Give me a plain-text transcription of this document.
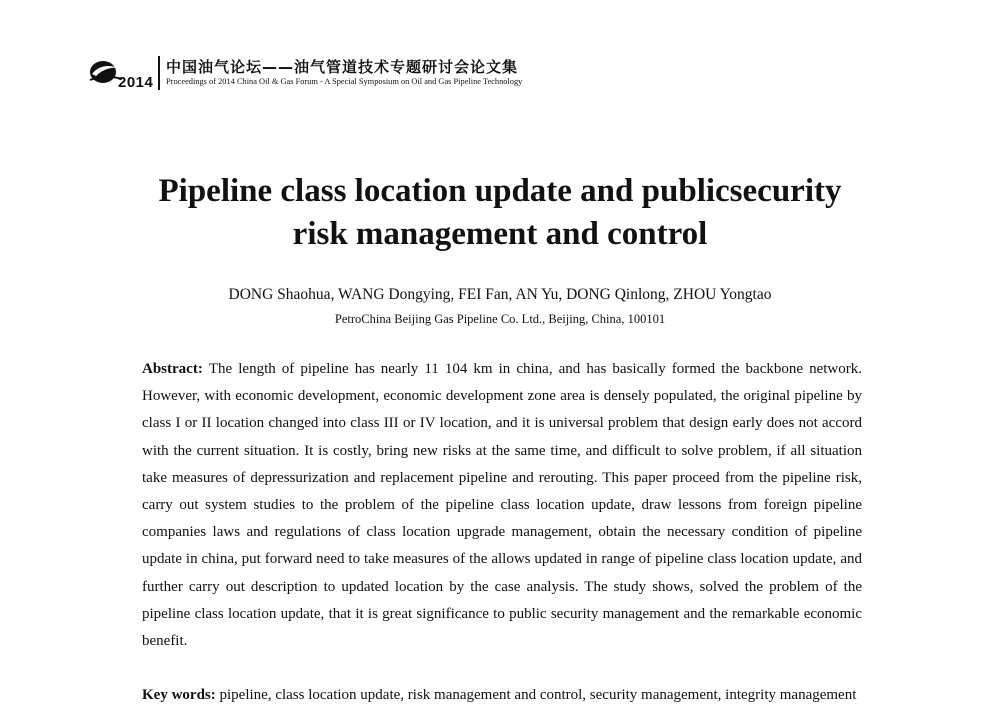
2014
中国油气论坛——油气管道技术专题研讨会论文集
Proceedings of 2014 China Oil & Gas Forum - A Special Symposium on Oil and Gas Pipeline Technology
Pipeline class location update and publicsecurity
risk management and control
DONG Shaohua, WANG Dongying, FEI Fan, AN Yu, DONG Qinlong, ZHOU Yongtao
PetroChina Beijing Gas Pipeline Co. Ltd., Beijing, China, 100101
Abstract: The length of pipeline has nearly 11 104 km in china, and has basically formed the backbone network. However, with economic development, economic development zone area is densely populated, the original pipeline by class I or II location changed into class III or IV location, and it is universal problem that design early does not accord with the current situation. It is costly, bring new risks at the same time, and difficult to solve problem, if all situation take measures of depressurization and replacement pipeline and rerouting. This paper proceed from the pipeline risk, carry out system studies to the problem of the pipeline class location update, draw lessons from foreign pipeline companies laws and regulations of class location upgrade management, obtain the necessary condition of pipeline update in china, put forward need to take measures of the allows updated in range of pipeline class location update, and further carry out description to updated location by the case analysis. The study shows, solved the problem of the pipeline class location update, that it is great significance to public security management and the remarkable economic benefit.
Key words: pipeline, class location update, risk management and control, security management, integrity management
